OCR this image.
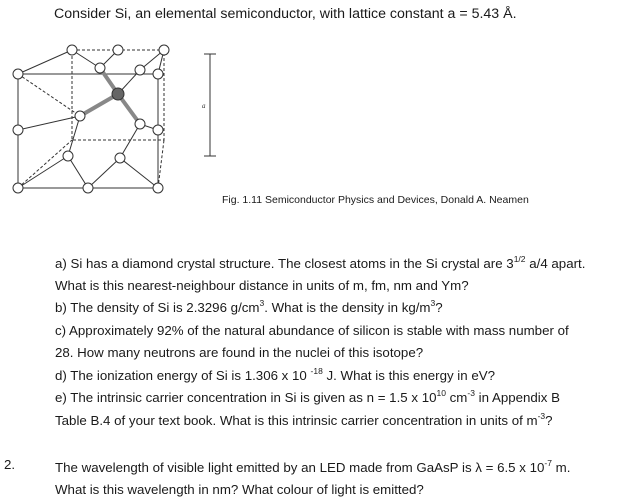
Consider Si, an elemental semiconductor, with lattice constant a = 5.43 Å.
a
Fig. 1.11 Semiconductor Physics and Devices, Donald A. Neamen
a) Si has a diamond crystal structure. The closest atoms in the Si crystal are $3^{1/2}$ a/4 apart.
What is this nearest-neighbour distance in units of m, fm, nm and Ym?
b) The density of Si is 2.3296 $g/cm^3$. What is the density in $kg/m^3$?
c) Approximately 92% of the natural abundance of silicon is stable with mass number of
28. How many neutrons are found in the nuclei of this isotope?
d) The ionization energy of Si is 1.306 x 10 $^{-18}$ J. What is this energy in eV?
e) The intrinsic carrier concentration in Si is given as n = 1.5 x $10^{10}$ $cm^{-3}$ in Appendix B
Table B.4 of your text book. What is this intrinsic carrier concentration in units of $m^{-3}$?
2.	The wavelength of visible light emitted by an LED made from GaAsP is λ = 6.5 x $10^{-7}$ m.
What is this wavelength in nm? What colour of light is emitted?
